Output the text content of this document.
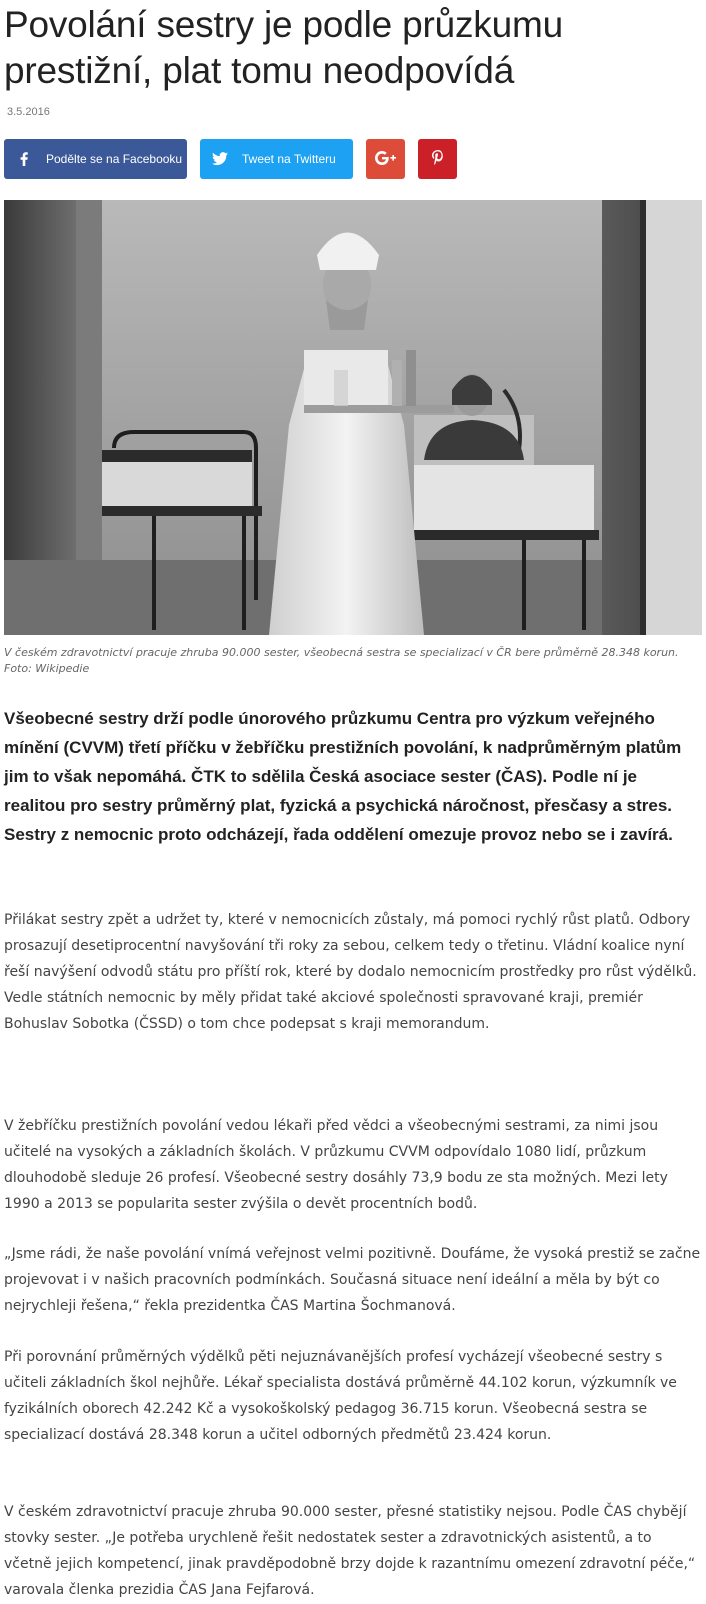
Povolání sestry je podle průzkumu prestižní, plat tomu neodpovídá
3.5.2016
Podělte se na Facebooku	Tweet na Twitteru
V českém zdravotnictví pracuje zhruba 90.000 sester, všeobecná sestra se specializací v ČR bere průměrně 28.348 korun. Foto: Wikipedie
Všeobecné sestry drží podle únorového průzkumu Centra pro výzkum veřejného mínění (CVVM) třetí příčku v žebříčku prestižních povolání, k nadprůměrným platům jim to však nepomáhá. ČTK to sdělila Česká asociace sester (ČAS). Podle ní je realitou pro sestry průměrný plat, fyzická a psychická náročnost, přesčasy a stres. Sestry z nemocnic proto odcházejí, řada oddělení omezuje provoz nebo se i zavírá.

Přilákat sestry zpět a udržet ty, které v nemocnicích zůstaly, má pomoci rychlý růst platů. Odbory prosazují desetiprocentní navyšování tři roky za sebou, celkem tedy o třetinu. Vládní koalice nyní řeší navýšení odvodů státu pro příští rok, které by dodalo nemocnicím prostředky pro růst výdělků. Vedle státních nemocnic by měly přidat také akciové společnosti spravované kraji, premiér Bohuslav Sobotka (ČSSD) o tom chce podepsat s kraji memorandum.

V žebříčku prestižních povolání vedou lékaři před vědci a všeobecnými sestrami, za nimi jsou učitelé na vysokých a základních školách. V průzkumu CVVM odpovídalo 1080 lidí, průzkum dlouhodobě sleduje 26 profesí. Všeobecné sestry dosáhly 73,9 bodu ze sta možných. Mezi lety 1990 a 2013 se popularita sester zvýšila o devět procentních bodů.

„Jsme rádi, že naše povolání vnímá veřejnost velmi pozitivně. Doufáme, že vysoká prestiž se začne projevovat i v našich pracovních podmínkách. Současná situace není ideální a měla by být co nejrychleji řešena,“ řekla prezidentka ČAS Martina Šochmanová.

Při porovnání průměrných výdělků pěti nejuznávanějších profesí vycházejí všeobecné sestry s učiteli základních škol nejhůře. Lékař specialista dostává průměrně 44.102 korun, výzkumník ve fyzikálních oborech 42.242 Kč a vysokoškolský pedagog 36.715 korun. Všeobecná sestra se specializací dostává 28.348 korun a učitel odborných předmětů 23.424 korun.

V českém zdravotnictví pracuje zhruba 90.000 sester, přesné statistiky nejsou. Podle ČAS chybějí stovky sester. „Je potřeba urychleně řešit nedostatek sester a zdravotnických asistentů, a to včetně jejich kompetencí, jinak pravděpodobně brzy dojde k razantnímu omezení zdravotní péče,“ varovala členka prezidia ČAS Jana Fejfarová.
